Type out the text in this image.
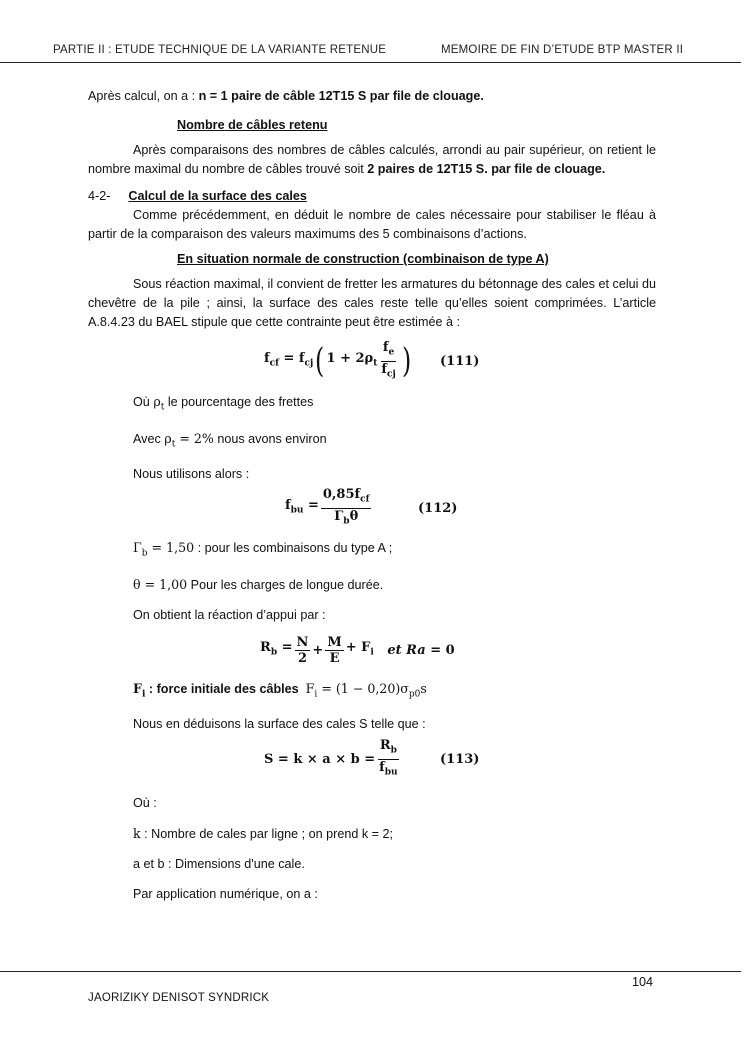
PARTIE II : ETUDE TECHNIQUE DE LA VARIANTE RETENUE	MEMOIRE DE FIN D’ETUDE BTP MASTER II

Après calcul, on a : n = 1 paire de câble 12T15 S par file de clouage.

Nombre de câbles retenu

Après comparaisons des nombres de câbles calculés, arrondi au pair supérieur, on retient le nombre maximal du nombre de câbles trouvé soit 2 paires de 12T15 S. par file de clouage.

4-2- Calcul de la surface des cales

Comme précédemment, en déduit le nombre de cales nécessaire pour stabiliser le fléau à partir de la comparaison des valeurs maximums des 5 combinaisons d’actions.

En situation normale de construction (combinaison de type A)

Sous réaction maximal, il convient de fretter les armatures du bétonnage des cales et celui du chevêtre de la pile ; ainsi, la surface des cales reste telle qu’elles soient comprimées. L’article A.8.4.23 du BAEL stipule que cette contrainte peut être estimée à :

$f_{cf} = f_{cj}$ ( $1 + 2\rho_t$
$f_e$
$f_{cj}$ ) (111)

Où $\rho_t$ le pourcentage des frettes

Avec $\rho_t = 2\%$ nous avons environ

Nous utilisons alors :

$f_{bu}$ =
$0,85f_{cf}$
$\Gamma_b\theta$
(112)

$\Gamma_b = 1,50$ : pour les combinaisons du type A ;

θ = 1,00 Pour les charges de longue durée.

On obtient la réaction d’appui par :

$R_b = \frac{N}{2} + \frac{M}{E} + F_i$	et Ra = 0

$F_i$ : force initiale des câbles $F_i = (1 - 0,20)\sigma_{p0}s$

Nous en déduisons la surface des cales S telle que :

S = k × a × b =
$R_b$
$f_{bu}$
(113)

Où :

k : Nombre de cales par ligne ; on prend k = 2;

a et b : Dimensions d'une cale.

Par application numérique, on a :

104
JAORIZIKY DENISOT SYNDRICK
